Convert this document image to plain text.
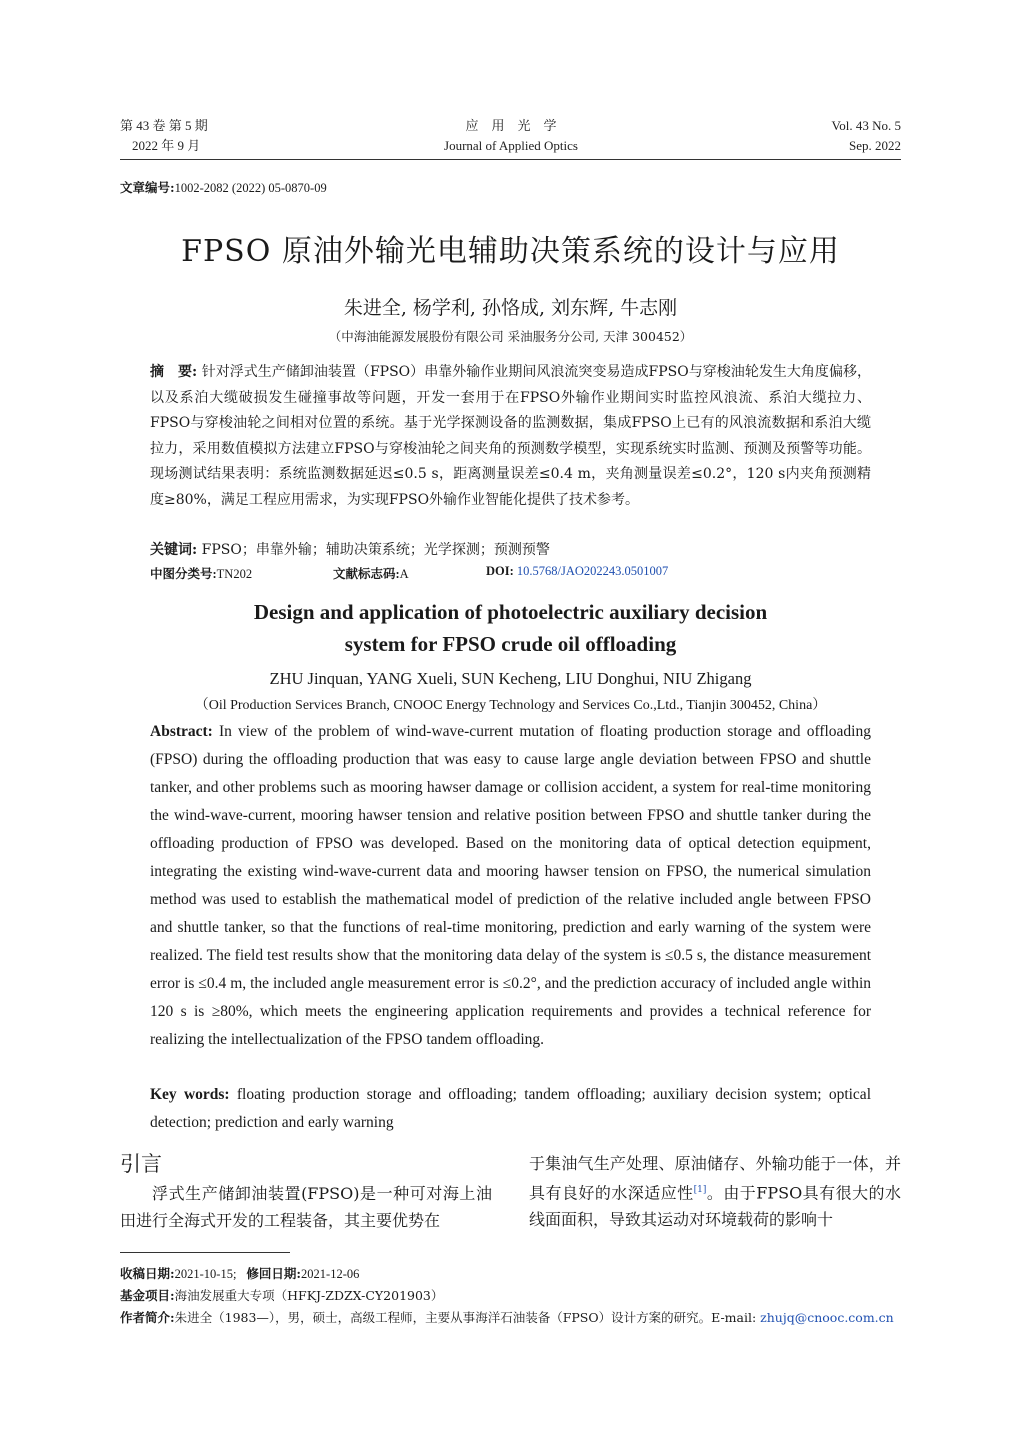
第 43 卷 第 5 期
2022 年 9 月
应　用　光　学
Journal of Applied Optics
Vol. 43 No. 5
Sep. 2022
文章编号:1002-2082 (2022) 05-0870-09
FPSO 原油外输光电辅助决策系统的设计与应用
朱进全, 杨学利, 孙恪成, 刘东辉, 牛志刚
（中海油能源发展股份有限公司 采油服务分公司, 天津 300452）
摘　要: 针对浮式生产储卸油装置（FPSO）串靠外输作业期间风浪流突变易造成FPSO与穿梭油轮发生大角度偏移，以及系泊大缆破损发生碰撞事故等问题，开发一套用于在FPSO外输作业期间实时监控风浪流、系泊大缆拉力、FPSO与穿梭油轮之间相对位置的系统。基于光学探测设备的监测数据，集成FPSO上已有的风浪流数据和系泊大缆拉力，采用数值模拟方法建立FPSO与穿梭油轮之间夹角的预测数学模型，实现系统实时监测、预测及预警等功能。现场测试结果表明：系统监测数据延迟≤0.5 s，距离测量误差≤0.4 m，夹角测量误差≤0.2°，120 s内夹角预测精度≥80%，满足工程应用需求，为实现FPSO外输作业智能化提供了技术参考。
关键词: FPSO；串靠外输；辅助决策系统；光学探测；预测预警
中图分类号:TN202	文献标志码:A	DOI: 10.5768/JAO202243.0501007
Design and application of photoelectric auxiliary decision
system for FPSO crude oil offloading
ZHU Jinquan, YANG Xueli, SUN Kecheng, LIU Donghui, NIU Zhigang
（Oil Production Services Branch, CNOOC Energy Technology and Services Co.,Ltd., Tianjin 300452, China）
Abstract: In view of the problem of wind-wave-current mutation of floating production storage and offloading (FPSO) during the offloading production that was easy to cause large angle deviation between FPSO and shuttle tanker, and other problems such as mooring hawser damage or collision accident, a system for real-time monitoring the wind-wave-current, mooring hawser tension and relative position between FPSO and shuttle tanker during the offloading production of FPSO was developed. Based on the monitoring data of optical detection equipment, integrating the existing wind-wave-current data and mooring hawser tension on FPSO, the numerical simulation method was used to establish the mathematical model of prediction of the relative included angle between FPSO and shuttle tanker, so that the functions of real-time monitoring, prediction and early warning of the system were realized. The field test results show that the monitoring data delay of the system is ≤0.5 s, the distance measurement error is ≤0.4 m, the included angle measurement error is ≤0.2°, and the prediction accuracy of included angle within 120 s is ≥80%, which meets the engineering application requirements and provides a technical reference for realizing the intellectualization of the FPSO tandem offloading.
Key words: floating production storage and offloading; tandem offloading; auxiliary decision system; optical detection; prediction and early warning
引言
浮式生产储卸油装置(FPSO)是一种可对海上油田进行全海式开发的工程装备，其主要优势在
于集油气生产处理、原油储存、外输功能于一体，并具有良好的水深适应性[1]。由于FPSO具有很大的水线面面积，导致其运动对环境载荷的影响十
收稿日期:2021-10-15; 修回日期:2021-12-06
基金项目:海油发展重大专项（HFKJ-ZDZX-CY201903）
作者简介:朱进全（1983—），男，硕士，高级工程师，主要从事海洋石油装备（FPSO）设计方案的研究。E-mail: zhujq@cnooc.com.cn
